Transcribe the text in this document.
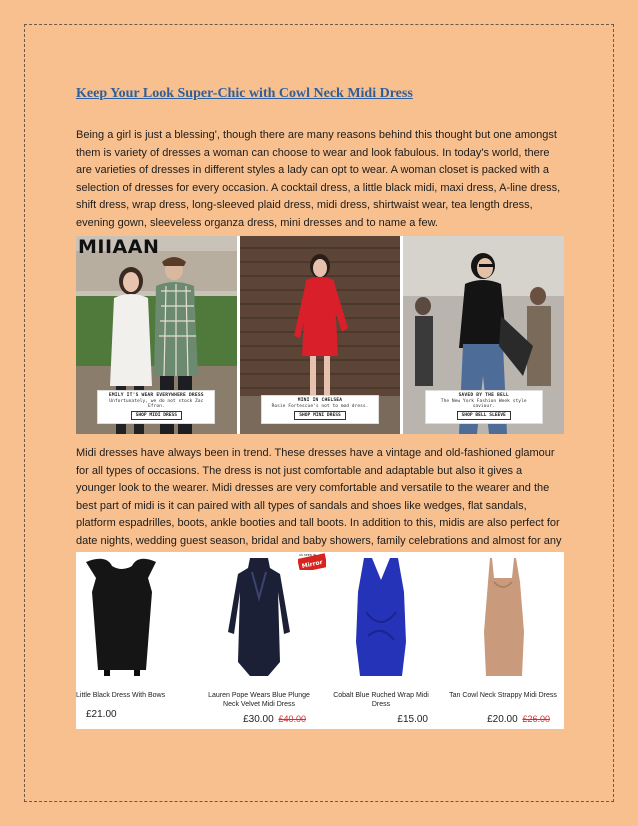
Keep Your Look Super-Chic with Cowl Neck Midi Dress

Being a girl is just a blessing', though there are many reasons behind this thought but one amongst them is variety of dresses a woman can choose to wear and look fabulous. In today's world, there are varieties of dresses in different styles a lady can opt to wear. A woman closet is packed with a selection of dresses for every occasion. A cocktail dress, a little black midi, maxi dress, A-line dress, shift dress, wrap dress, long-sleeved plaid dress, midi dress, shirtwaist wear, tea length dress, evening gown, sleeveless organza dress, mini dresses and to name a few.

MIIAAN
EMILY IT'S WEAR EVERYWHERE DRESS
Unfortunately, we do not stock Zac Efron.
SHOP MIDI DRESS
MINI IN CHELSEA
Rosie Fortescue's not to mod dress.
SHOP MINI DRESS
SAVED BY THE BELL
The New York Fashion Week style saviour.
SHOP BELL SLEEVE

Midi dresses have always been in trend. These dresses have a vintage and old-fashioned glamour for all types of occasions. The dress is not just comfortable and adaptable but also it gives a younger look to the wearer. Midi dresses are very comfortable and versatile to the wearer and the best part of midi is it can paired with all types of sandals and shoes like wedges, flat sandals, platform espadrilles, boots, ankle booties and tall boots. In addition to this, midis are also perfect for date nights, wedding guest season, bridal and baby showers, family celebrations and almost for any

Little Black Dress With Bows
£21.00
Mirror
AS SEEN IN
Lauren Pope Wears Blue Plunge Neck Velvet Midi Dress
£30.00 £40.00
Cobalt Blue Ruched Wrap Midi Dress
£15.00
Tan Cowl Neck Strappy Midi Dress
£20.00 £26.00
